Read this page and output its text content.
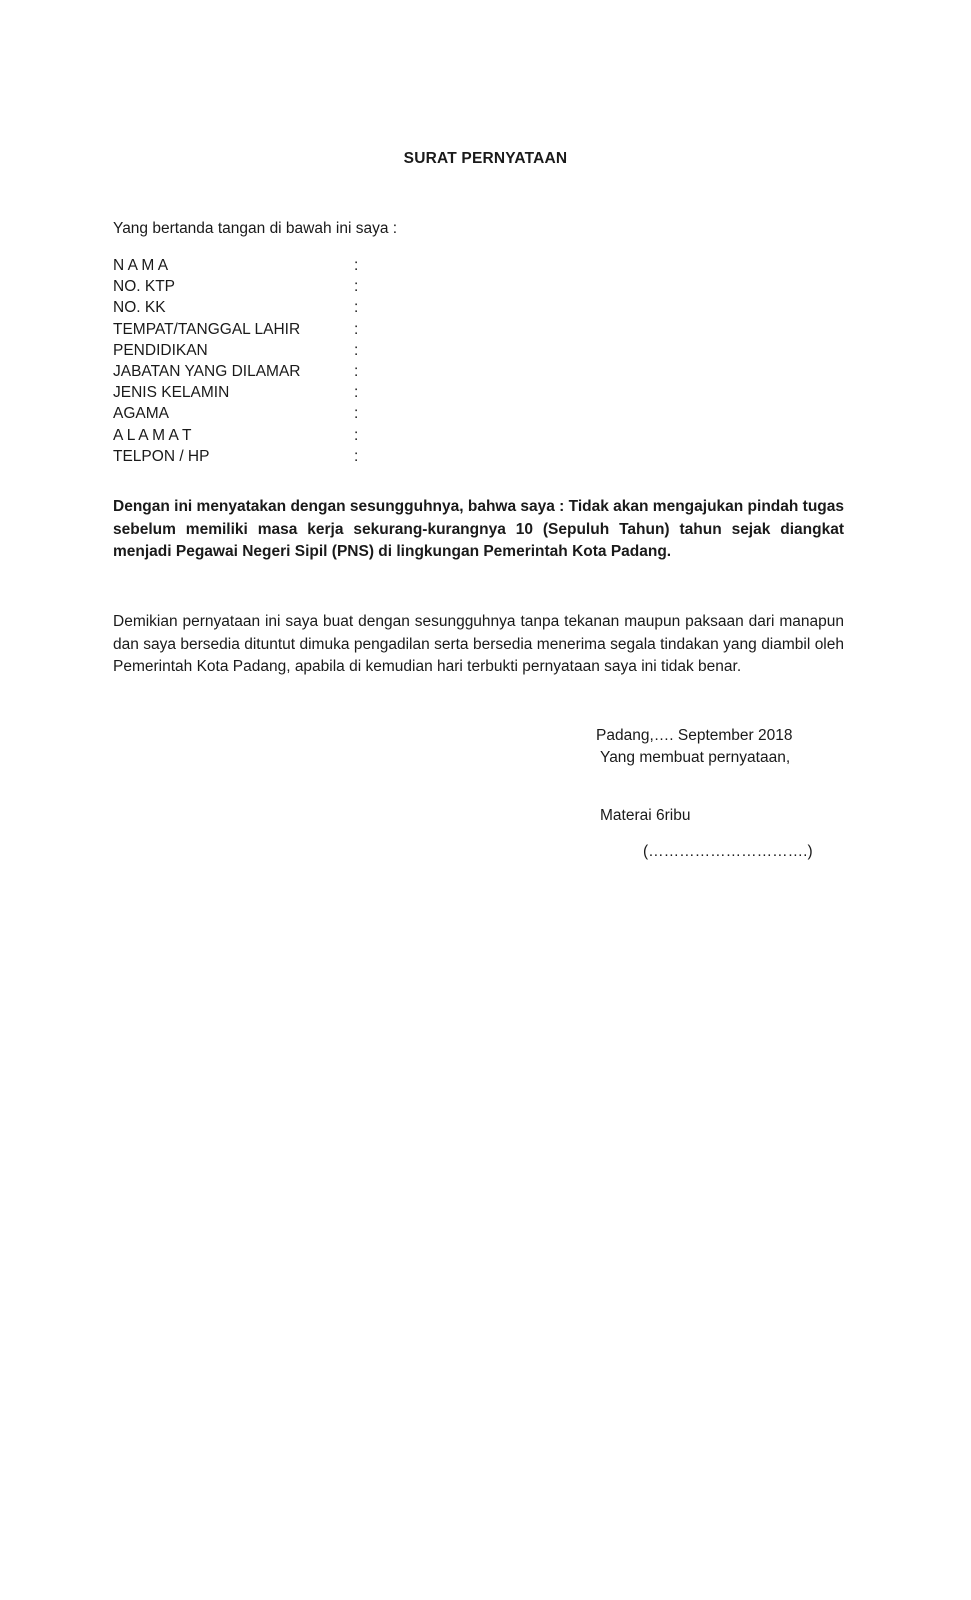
SURAT PERNYATAAN
Yang bertanda tangan di bawah ini saya :
N A M A	:
NO. KTP	:
NO. KK	:
TEMPAT/TANGGAL LAHIR	:
PENDIDIKAN	:
JABATAN YANG DILAMAR	:
JENIS KELAMIN	:
AGAMA	:
A L A M A T	:
TELPON / HP	:
Dengan ini menyatakan dengan sesungguhnya, bahwa saya : Tidak akan mengajukan pindah tugas sebelum memiliki masa kerja sekurang-kurangnya 10 (Sepuluh Tahun) tahun sejak diangkat menjadi Pegawai Negeri Sipil (PNS) di lingkungan Pemerintah Kota Padang.
Demikian pernyataan ini saya buat dengan sesungguhnya tanpa tekanan maupun paksaan dari manapun dan saya bersedia dituntut dimuka pengadilan serta bersedia menerima segala tindakan yang diambil oleh Pemerintah Kota Padang, apabila di kemudian hari terbukti pernyataan saya ini tidak benar.
Padang,…. September 2018
Yang membuat pernyataan,
Materai 6ribu
(………………………….)
